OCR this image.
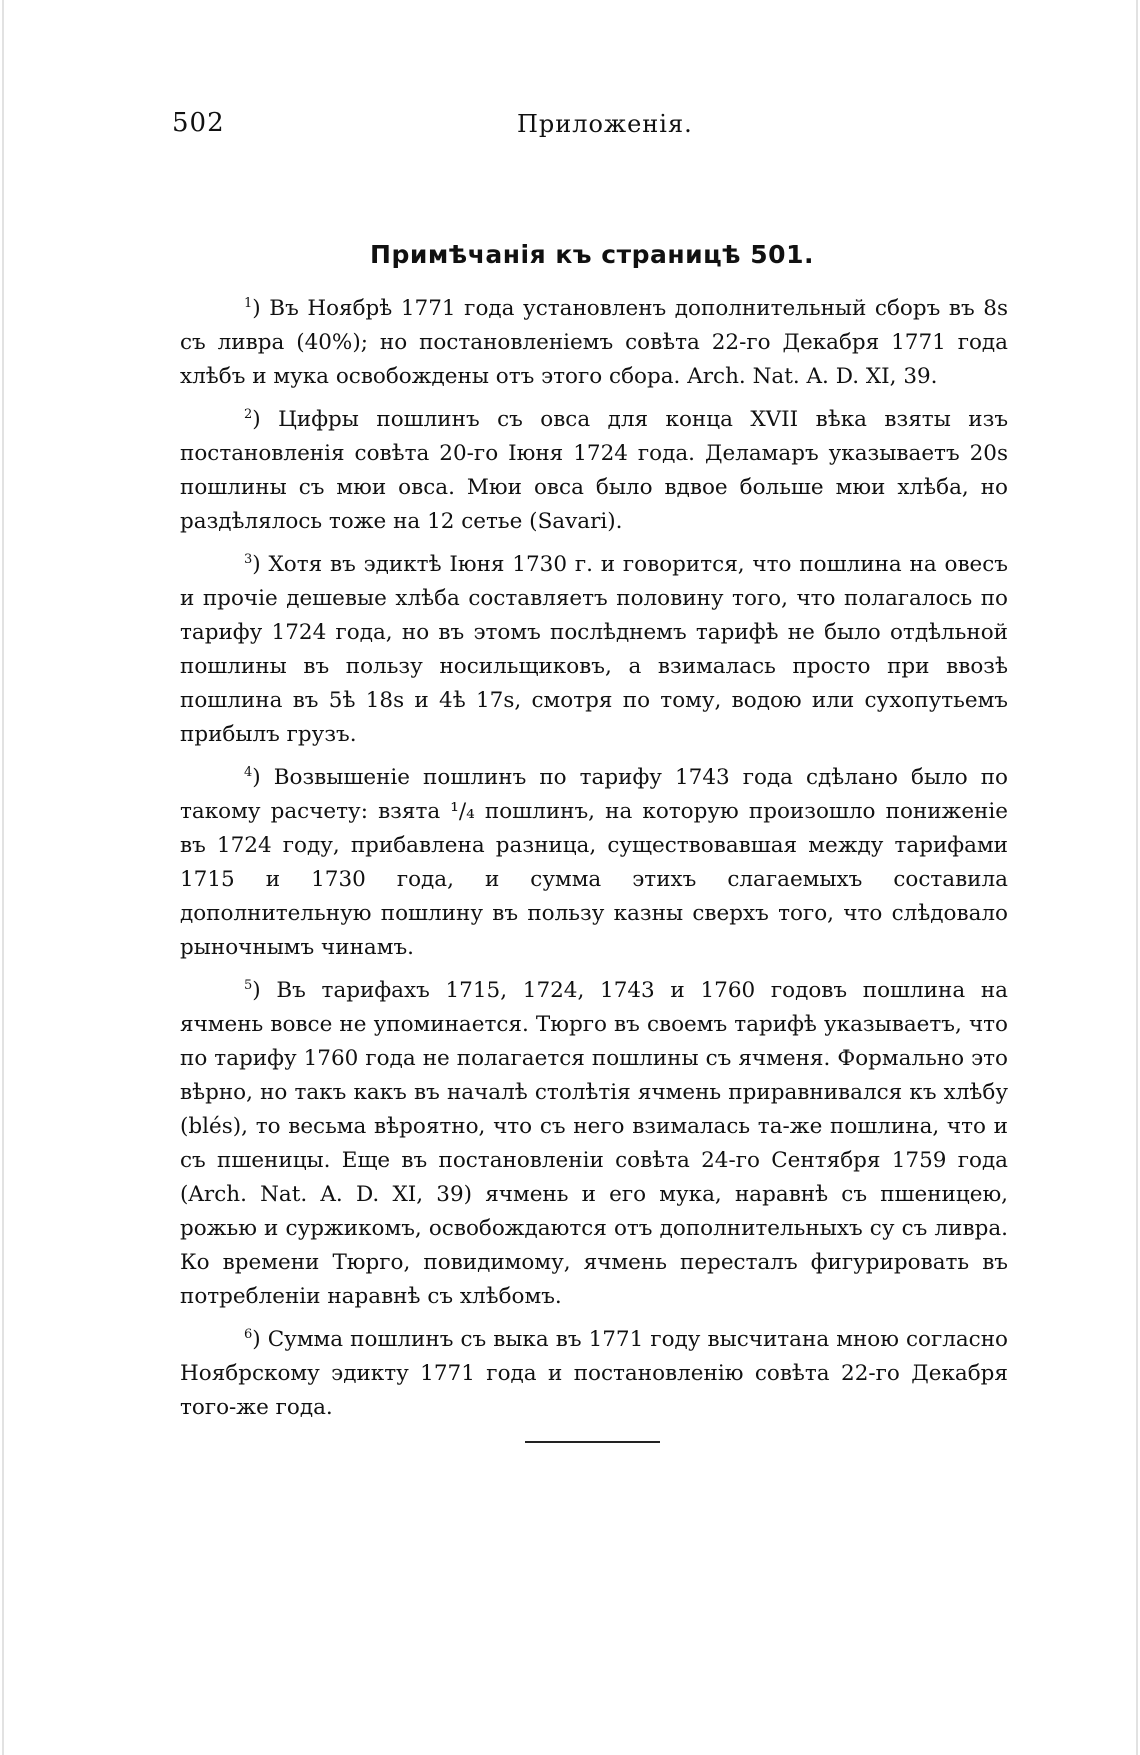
502	Приложенія.
Примѣчанія къ страницѣ 501.

$^1$) Въ Ноябрѣ 1771 года установленъ дополнительный сборъ въ 8s съ ливра (40%); но постановленіемъ совѣта 22-го Декабря 1771 года хлѣбъ и мука освобождены отъ этого сбора. Arch. Nat. A. D. XI, 39.

$^2$) Цифры пошлинъ съ овса для конца XVII вѣка взяты изъ постановленія совѣта 20-го Іюня 1724 года. Деламаръ указываетъ 20s пошлины съ мюи овса. Мюи овса было вдвое больше мюи хлѣба, но раздѣлялось тоже на 12 сетье (Savari).

$^3$) Хотя въ эдиктѣ Іюня 1730 г. и говорится, что пошлина на овесъ и прочіе дешевые хлѣба составляетъ половину того, что полагалось по тарифу 1724 года, но въ этомъ послѣднемъ тарифѣ не было отдѣльной пошлины въ пользу носильщиковъ, а взималась просто при ввозѣ пошлина въ 5ѣ 18s и 4ѣ 17s, смотря по тому, водою или сухопутьемъ прибылъ грузъ.

$^4$) Возвышеніе пошлинъ по тарифу 1743 года сдѣлано было по такому расчету: взята ¹/₄ пошлинъ, на которую произошло пониженіе въ 1724 году, прибавлена разница, существовавшая между тарифами 1715 и 1730 года, и сумма этихъ слагаемыхъ составила дополнительную пошлину въ пользу казны сверхъ того, что слѣдовало рыночнымъ чинамъ.

$^5$) Въ тарифахъ 1715, 1724, 1743 и 1760 годовъ пошлина на ячмень вовсе не упоминается. Тюрго въ своемъ тарифѣ указываетъ, что по тарифу 1760 года не полагается пошлины съ ячменя. Формально это вѣрно, но такъ какъ въ началѣ столѣтія ячмень приравнивался къ хлѣбу (blés), то весьма вѣроятно, что съ него взималась та-же пошлина, что и съ пшеницы. Еще въ постановленіи совѣта 24-го Сентября 1759 года (Arch. Nat. A. D. XI, 39) ячмень и его мука, наравнѣ съ пшеницею, рожью и суржикомъ, освобождаются отъ дополнительныхъ су съ ливра. Ко времени Тюрго, повидимому, ячмень пересталъ фигурировать въ потребленіи наравнѣ съ хлѣбомъ.

$^6$) Сумма пошлинъ съ выка въ 1771 году высчитана мною согласно Ноябрскому эдикту 1771 года и постановленію совѣта 22-го Декабря того-же года.
